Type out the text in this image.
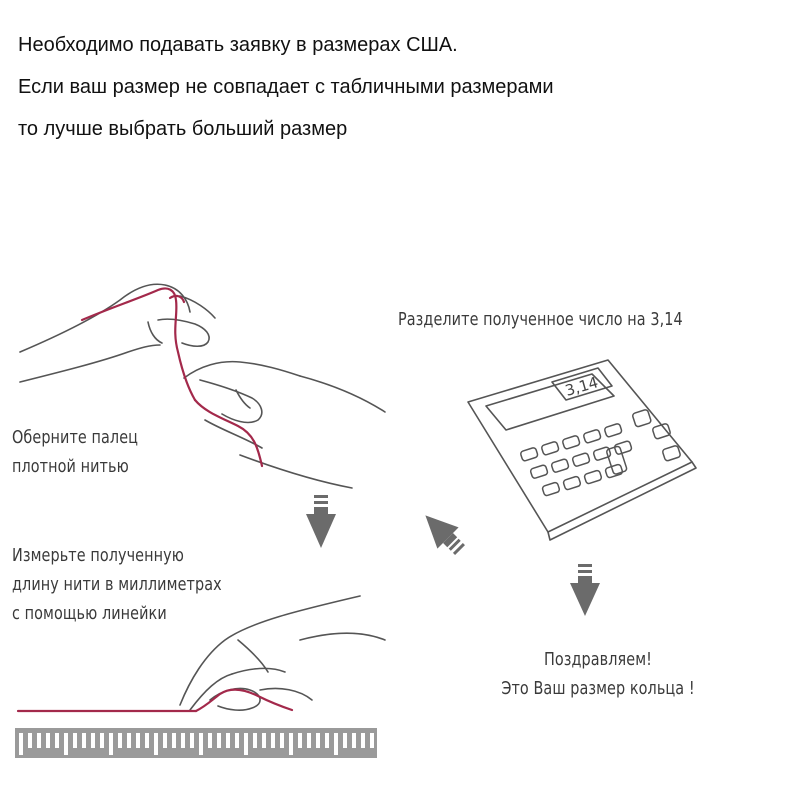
Необходимо подавать заявку в размерах США.
Если ваш размер не совпадает с табличными размерами
то лучше выбрать больший размер
3,14
Оберните палец
плотной нитью
Измерьте полученную
длину нити в миллиметрах
с помощью линейки
Разделите полученное число на 3,14
Поздравляем!
Это Ваш размер кольца !
